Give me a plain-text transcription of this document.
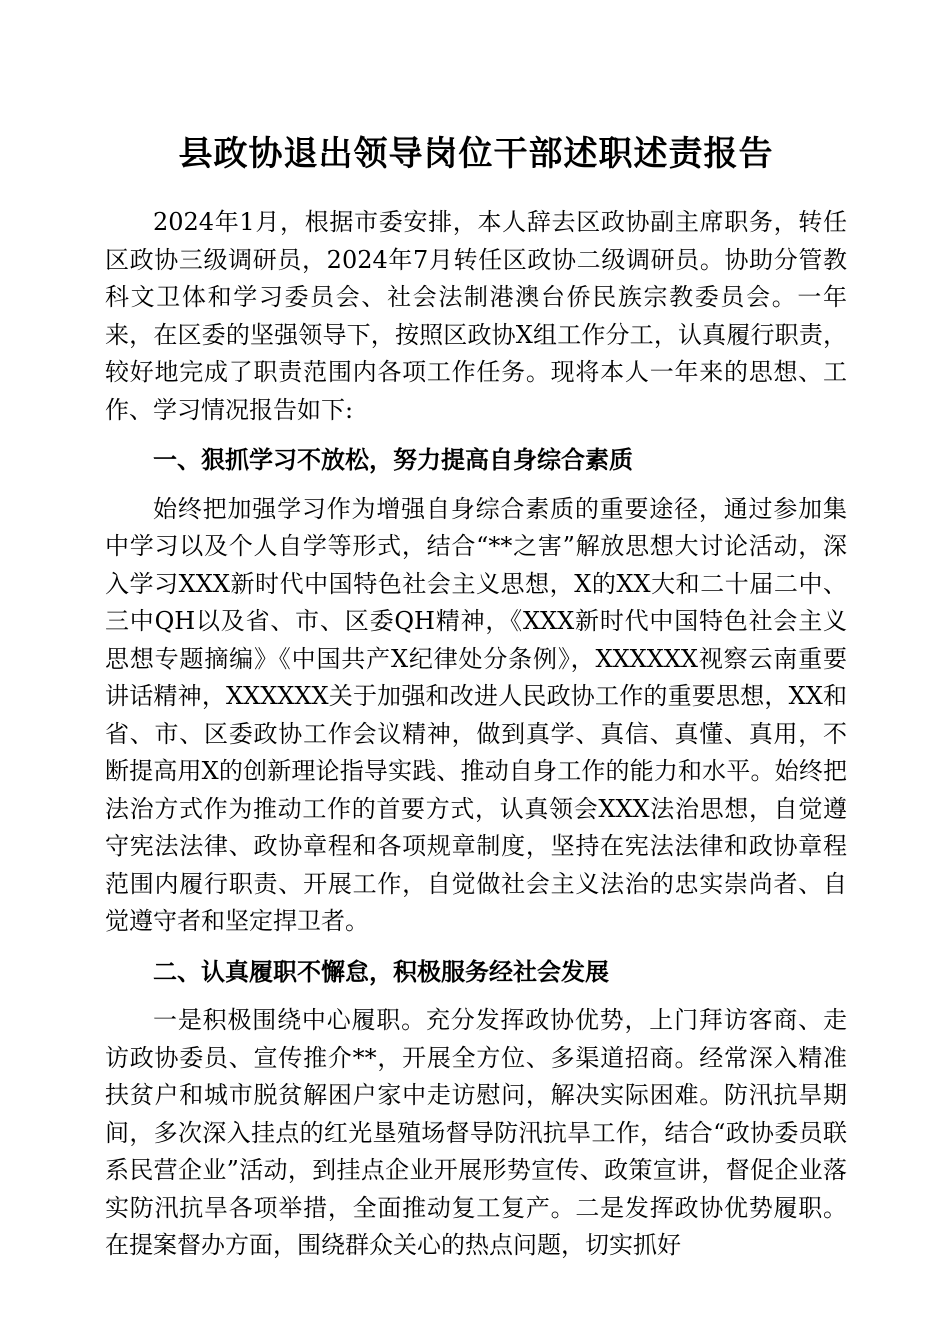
县政协退出领导岗位干部述职述责报告

2024年1月，根据市委安排，本人辞去区政协副主席职务，转任区政协三级调研员，2024年7月转任区政协二级调研员。协助分管教科文卫体和学习委员会、社会法制港澳台侨民族宗教委员会。一年来，在区委的坚强领导下，按照区政协X组工作分工，认真履行职责，较好地完成了职责范围内各项工作任务。现将本人一年来的思想、工作、学习情况报告如下:

一、狠抓学习不放松，努力提高自身综合素质

始终把加强学习作为增强自身综合素质的重要途径，通过参加集中学习以及个人自学等形式，结合“**之害”解放思想大讨论活动，深入学习XXX新时代中国特色社会主义思想，X的XX大和二十届二中、三中QH以及省、市、区委QH精神，《XXX新时代中国特色社会主义思想专题摘编》《中国共产X纪律处分条例》，XXXXXX视察云南重要讲话精神，XXXXXX关于加强和改进人民政协工作的重要思想，XX和省、市、区委政协工作会议精神，做到真学、真信、真懂、真用，不断提高用X的创新理论指导实践、推动自身工作的能力和水平。始终把法治方式作为推动工作的首要方式，认真领会XXX法治思想，自觉遵守宪法法律、政协章程和各项规章制度，坚持在宪法法律和政协章程范围内履行职责、开展工作，自觉做社会主义法治的忠实崇尚者、自觉遵守者和坚定捍卫者。

二、认真履职不懈怠，积极服务经社会发展

一是积极围绕中心履职。充分发挥政协优势，上门拜访客商、走访政协委员、宣传推介**，开展全方位、多渠道招商。经常深入精准扶贫户和城市脱贫解困户家中走访慰问，解决实际困难。防汛抗旱期间，多次深入挂点的红光垦殖场督导防汛抗旱工作，结合“政协委员联系民营企业”活动，到挂点企业开展形势宣传、政策宣讲，督促企业落实防汛抗旱各项举措，全面推动复工复产。二是发挥政协优势履职。在提案督办方面，围绕群众关心的热点问题，切实抓好
